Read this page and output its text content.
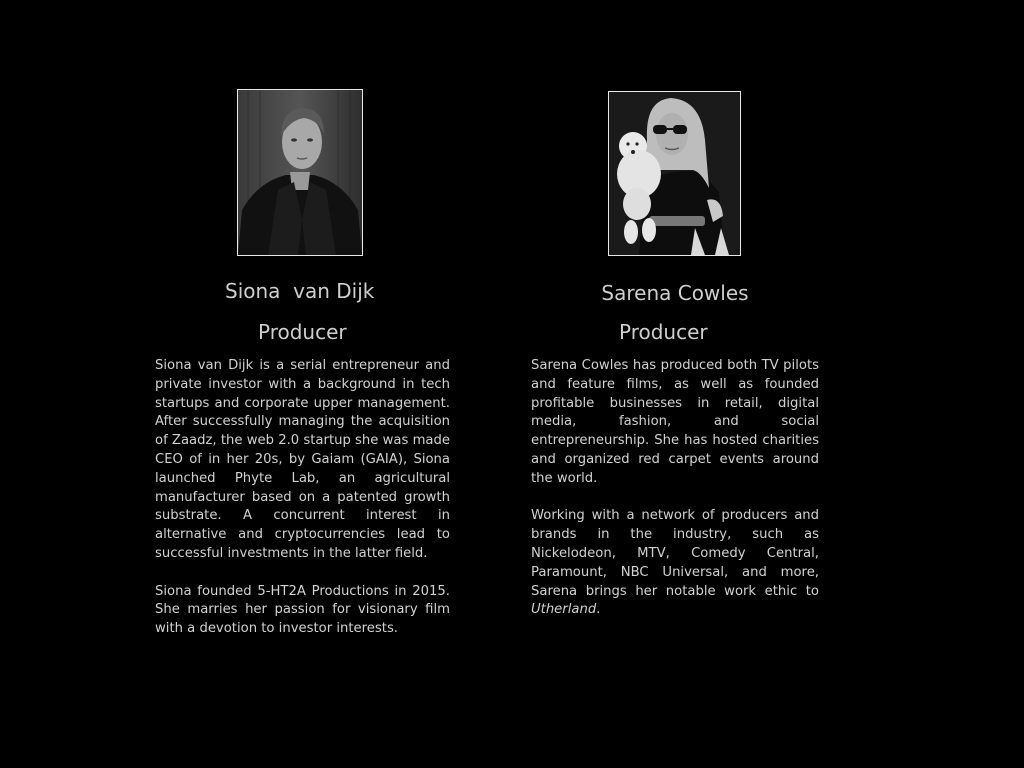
Siona  van Dijk
Producer

Siona van Dijk is a serial entrepreneur and private investor with a background in tech startups and corporate upper management. After successfully managing the acquisition of Zaadz, the web 2.0 startup she was made CEO of in her 20s, by Gaiam (GAIA), Siona launched Phyte Lab, an agricultural manufacturer based on a patented growth substrate. A concurrent interest in alternative and cryptocurrencies lead to successful investments in the latter field.

Siona founded 5-HT2A Productions in 2015. She marries her passion for visionary film with a devotion to investor interests.

Sarena Cowles
Producer

Sarena Cowles has produced both TV pilots and feature films, as well as founded profitable businesses in retail, digital media, fashion, and social entrepreneurship. She has hosted charities and organized red carpet events around the world.

Working with a network of producers and brands in the industry, such as Nickelodeon, MTV, Comedy Central, Paramount, NBC Universal, and more, Sarena brings her notable work ethic to Utherland.
